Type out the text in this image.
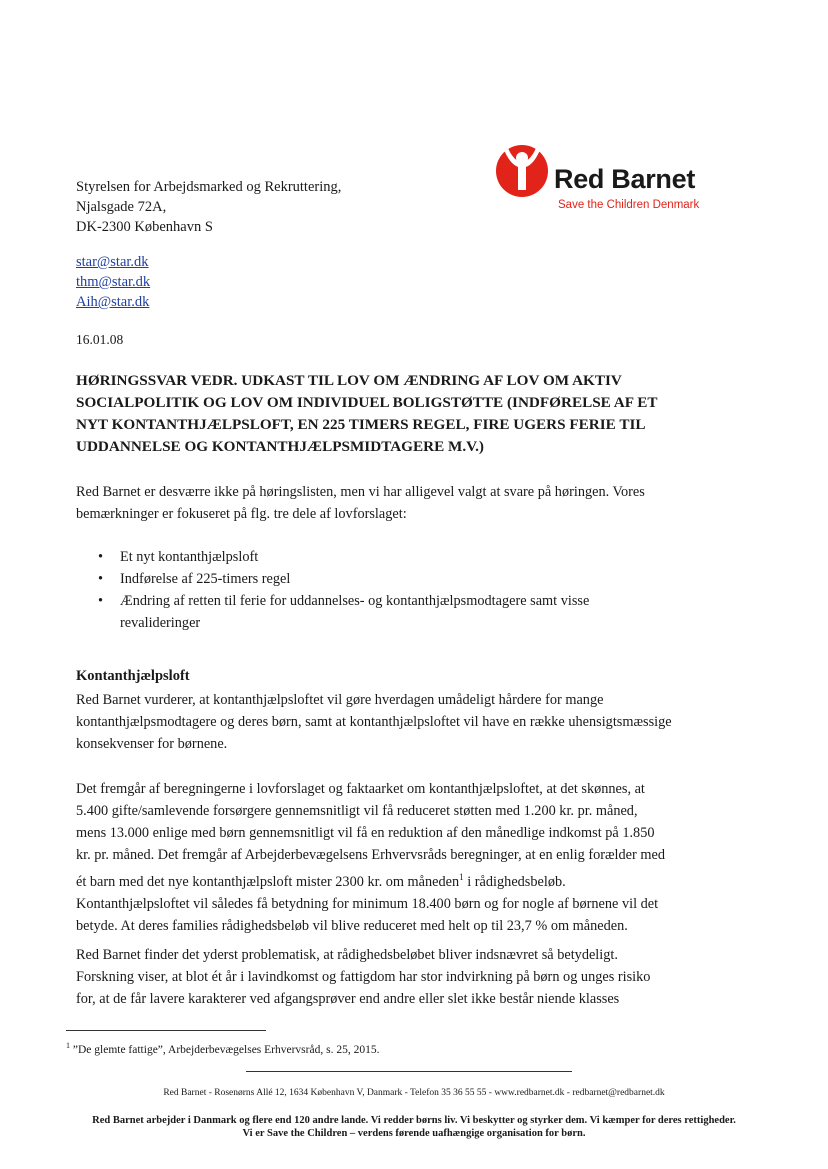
Red Barnet
Save the Children Denmark
Styrelsen for Arbejdsmarked og Rekruttering,
Njalsgade 72A,
DK-2300 København S
star@star.dk
thm@star.dk
Aih@star.dk
16.01.08
HØRINGSSVAR VEDR. UDKAST TIL LOV OM ÆNDRING AF LOV OM AKTIV
SOCIALPOLITIK OG LOV OM INDIVIDUEL BOLIGSTØTTE (INDFØRELSE AF ET
NYT KONTANTHJÆLPSLOFT, EN 225 TIMERS REGEL, FIRE UGERS FERIE TIL
UDDANNELSE OG KONTANTHJÆLPSMIDTAGERE M.V.)
Red Barnet er desværre ikke på høringslisten, men vi har alligevel valgt at svare på høringen. Vores
bemærkninger er fokuseret på flg. tre dele af lovforslaget:
• Et nyt kontanthjælpsloft
• Indførelse af 225-timers regel
• Ændring af retten til ferie for uddannelses- og kontanthjælpsmodtagere samt visse
revalideringer
Kontanthjælpsloft
Red Barnet vurderer, at kontanthjælpsloftet vil gøre hverdagen umådeligt hårdere for mange
kontanthjælpsmodtagere og deres børn, samt at kontanthjælpsloftet vil have en række uhensigtsmæssige
konsekvenser for børnene.
Det fremgår af beregningerne i lovforslaget og faktaarket om kontanthjælpsloftet, at det skønnes, at
5.400 gifte/samlevende forsørgere gennemsnitligt vil få reduceret støtten med 1.200 kr. pr. måned,
mens 13.000 enlige med børn gennemsnitligt vil få en reduktion af den månedlige indkomst på 1.850
kr. pr. måned. Det fremgår af Arbejderbevægelsens Erhvervsråds beregninger, at en enlig forælder med
ét barn med det nye kontanthjælpsloft mister 2300 kr. om måneden$^1$ i rådighedsbeløb.
Kontanthjælpsloftet vil således få betydning for minimum 18.400 børn og for nogle af børnene vil det
betyde. At deres families rådighedsbeløb vil blive reduceret med helt op til 23,7 % om måneden.
Red Barnet finder det yderst problematisk, at rådighedsbeløbet bliver indsnævret så betydeligt.
Forskning viser, at blot ét år i lavindkomst og fattigdom har stor indvirkning på børn og unges risiko
for, at de får lavere karakterer ved afgangsprøver end andre eller slet ikke består niende klasses
$^1$ ”De glemte fattige”, Arbejderbevægelses Erhvervsråd, s. 25, 2015.
Red Barnet - Rosenørns Allé 12, 1634 København V, Danmark - Telefon 35 36 55 55 - www.redbarnet.dk - redbarnet@redbarnet.dk
Red Barnet arbejder i Danmark og flere end 120 andre lande. Vi redder børns liv. Vi beskytter og styrker dem. Vi kæmper for deres rettigheder.
Vi er Save the Children – verdens førende uafhængige organisation for børn.
